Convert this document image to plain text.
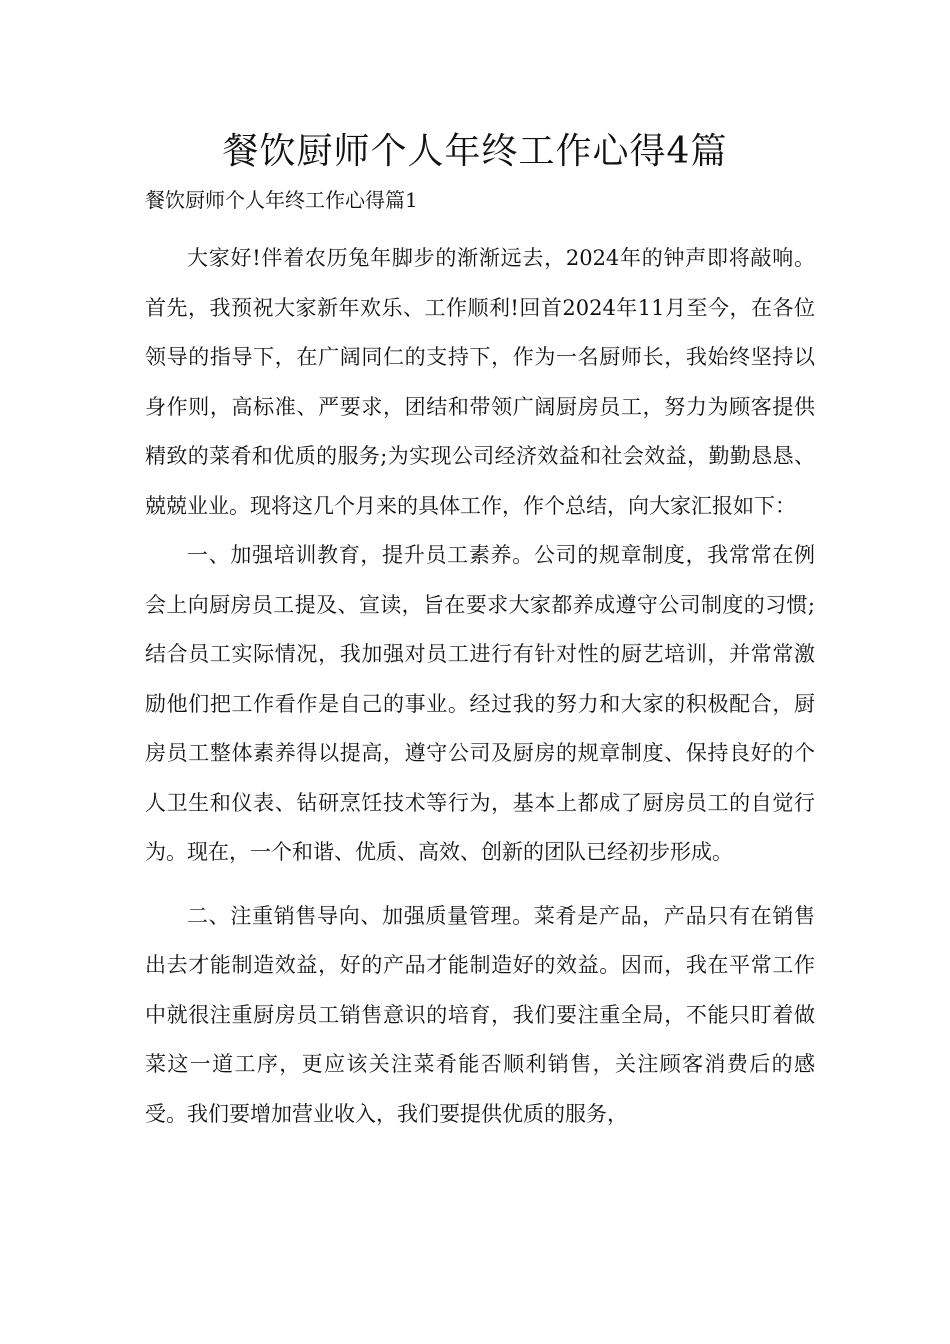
餐饮厨师个人年终工作心得4篇

餐饮厨师个人年终工作心得篇1

大家好!伴着农历兔年脚步的渐渐远去，2024年的钟声即将敲响。首先，我预祝大家新年欢乐、工作顺利!回首2024年11月至今，在各位领导的指导下，在广阔同仁的支持下，作为一名厨师长，我始终坚持以身作则，高标准、严要求，团结和带领广阔厨房员工，努力为顾客提供精致的菜肴和优质的服务;为实现公司经济效益和社会效益，勤勤恳恳、兢兢业业。现将这几个月来的具体工作，作个总结，向大家汇报如下：

一、加强培训教育，提升员工素养。公司的规章制度，我常常在例会上向厨房员工提及、宣读，旨在要求大家都养成遵守公司制度的习惯;结合员工实际情况，我加强对员工进行有针对性的厨艺培训，并常常激励他们把工作看作是自己的事业。经过我的努力和大家的积极配合，厨房员工整体素养得以提高，遵守公司及厨房的规章制度、保持良好的个人卫生和仪表、钻研烹饪技术等行为，基本上都成了厨房员工的自觉行为。现在，一个和谐、优质、高效、创新的团队已经初步形成。

二、注重销售导向、加强质量管理。菜肴是产品，产品只有在销售出去才能制造效益，好的产品才能制造好的效益。因而，我在平常工作中就很注重厨房员工销售意识的培育，我们要注重全局，不能只盯着做菜这一道工序，更应该关注菜肴能否顺利销售，关注顾客消费后的感受。我们要增加营业收入，我们要提供优质的服务，
